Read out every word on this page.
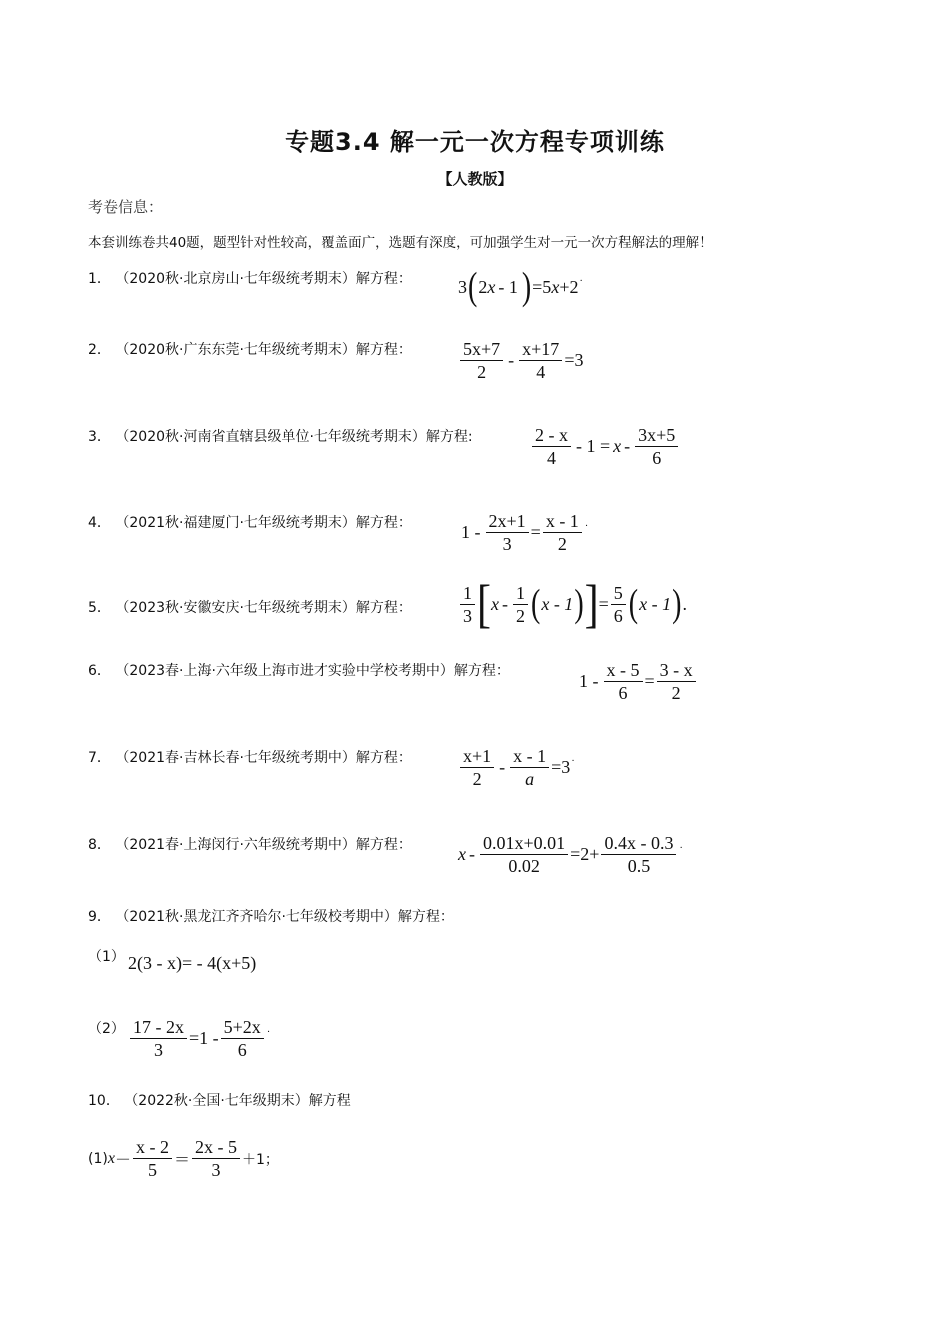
专题3.4 解一元一次方程专项训练
【人教版】
考卷信息：
本套训练卷共40题，题型针对性较高，覆盖面广，选题有深度，可加强学生对一元一次方程解法的理解！
1． （2020秋·北京房山·七年级统考期末）解方程：	3 ( 2 x - 1 ) =5 x +2 ·
2． （2020秋·广东东莞·七年级统考期末）解方程：	$\frac{5x+7}{2} - \frac{x+17}{4} =3$
3． （2020秋·河南省直辖县级单位·七年级统考期末）解方程:	$\frac{2 - x}{4} - 1 = x - \frac{3x+5}{6}$
4． （2021秋·福建厦门·七年级统考期末）解方程：	$1 - \frac{2x+1}{3} = \frac{x - 1}{2}$ ·
5． （2023秋·安徽安庆·七年级统考期末）解方程：	$\frac{1}{3}$ [ x - $\frac{1}{2}$ ( x - 1 ) ] = $\frac{5}{6}$ ( x - 1 ) .
6． （2023春·上海·六年级上海市进才实验中学校考期中）解方程：	$1 - \frac{x - 5}{6} = \frac{3 - x}{2}$
7． （2021春·吉林长春·七年级统考期中）解方程：	$\frac{x+1}{2} - \frac{x - 1}{a} =3$ ·
8． （2021春·上海闵行·六年级统考期中）解方程：	$x - \frac{0.01x+0.01}{0.02} =2+ \frac{0.4x - 0.3}{0.5}$ ·
9． （2021秋·黑龙江齐齐哈尔·七年级校考期中）解方程：
（1） 2(3 - x)= - 4(x+5)
$(2) \frac{17 - 2x}{3} =1 - \frac{5+2x}{6}$ ·
10． （2022秋·全国·七年级期末）解方程
(1) $x - \frac{x - 2}{5} = \frac{2x - 5}{3} +1$；
